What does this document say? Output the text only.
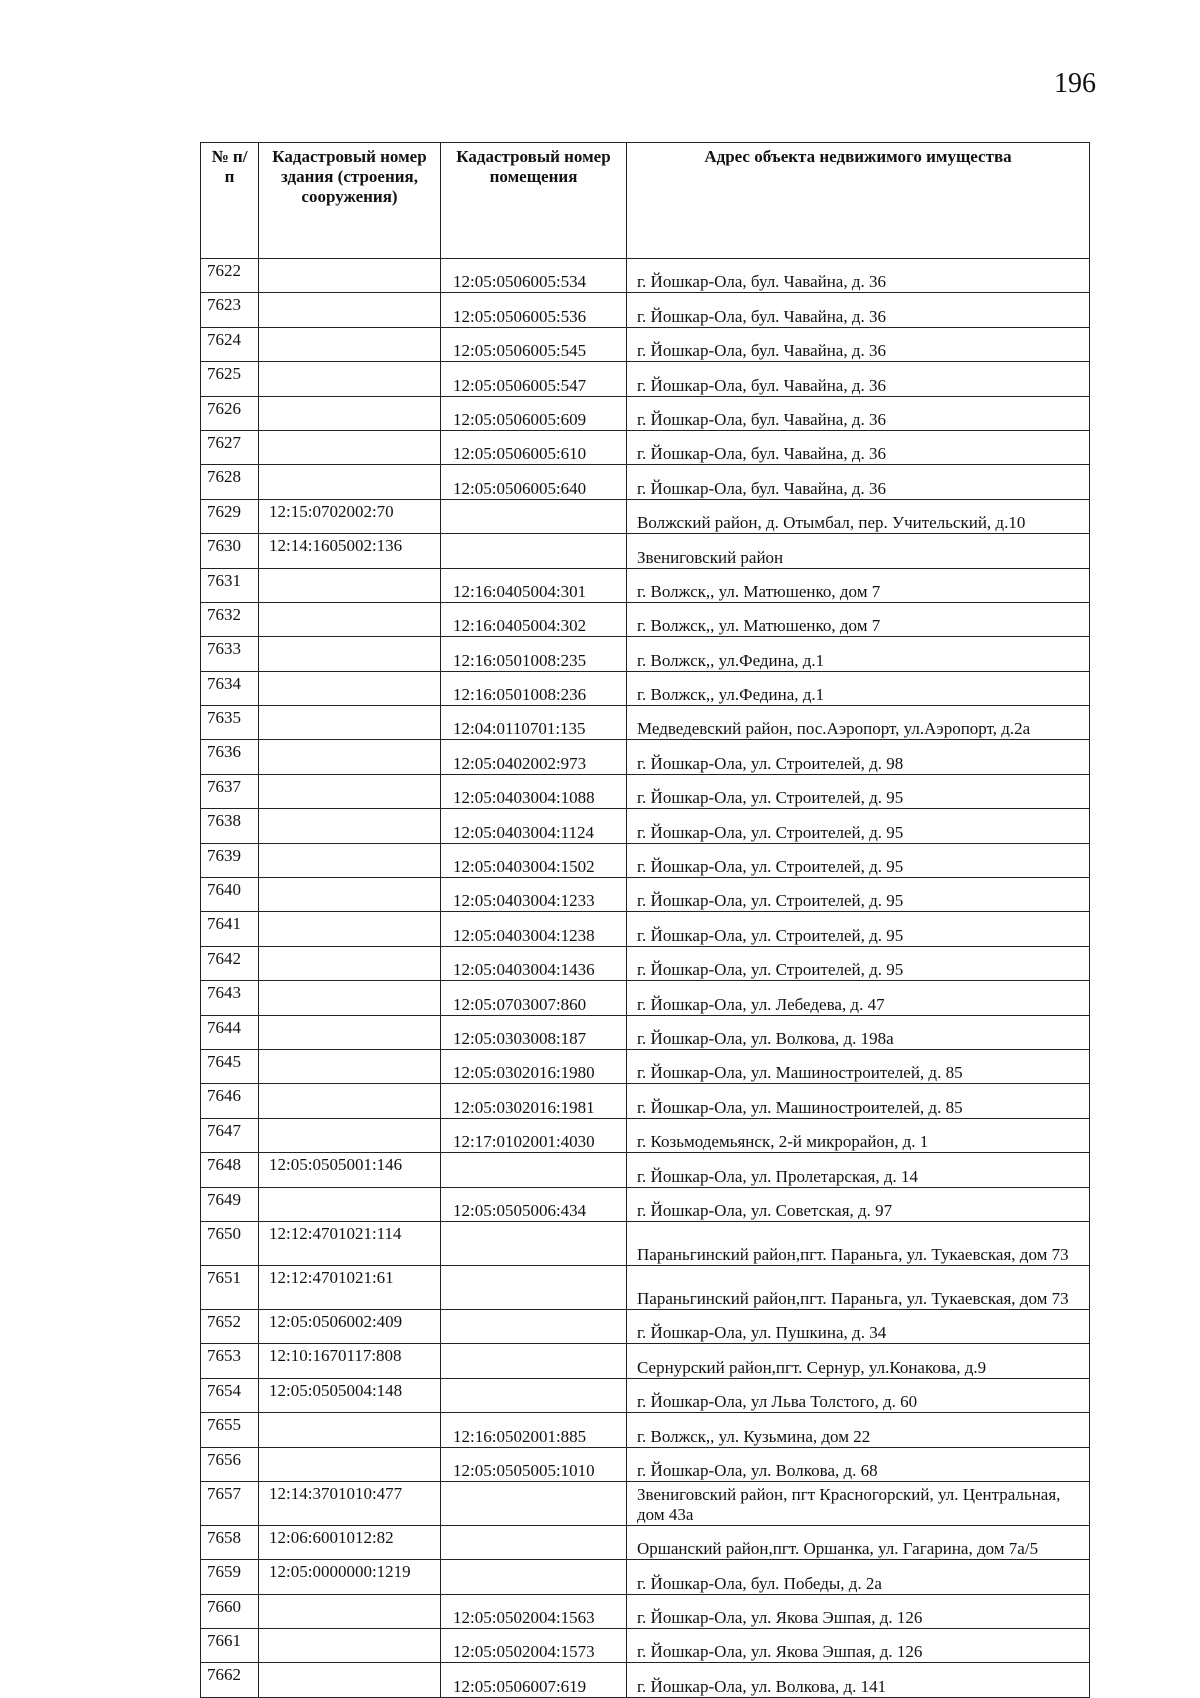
196
№ п/п	Кадастровый номер здания (строения, сооружения)	Кадастровый номер помещения	Адрес объекта недвижимого имущества
7622		12:05:0506005:534	г. Йошкар-Ола, бул. Чавайна, д. 36
7623		12:05:0506005:536	г. Йошкар-Ола, бул. Чавайна, д. 36
7624		12:05:0506005:545	г. Йошкар-Ола, бул. Чавайна, д. 36
7625		12:05:0506005:547	г. Йошкар-Ола, бул. Чавайна, д. 36
7626		12:05:0506005:609	г. Йошкар-Ола, бул. Чавайна, д. 36
7627		12:05:0506005:610	г. Йошкар-Ола, бул. Чавайна, д. 36
7628		12:05:0506005:640	г. Йошкар-Ола, бул. Чавайна, д. 36
7629	12:15:0702002:70		Волжский район, д. Отымбал, пер. Учительский, д.10
7630	12:14:1605002:136		Звениговский район
7631		12:16:0405004:301	г. Волжск,, ул. Матюшенко, дом 7
7632		12:16:0405004:302	г. Волжск,, ул. Матюшенко, дом 7
7633		12:16:0501008:235	г. Волжск,, ул.Федина, д.1
7634		12:16:0501008:236	г. Волжск,, ул.Федина, д.1
7635		12:04:0110701:135	Медведевский район, пос.Аэропорт, ул.Аэропорт, д.2а
7636		12:05:0402002:973	г. Йошкар-Ола, ул. Строителей, д. 98
7637		12:05:0403004:1088	г. Йошкар-Ола, ул. Строителей, д. 95
7638		12:05:0403004:1124	г. Йошкар-Ола, ул. Строителей, д. 95
7639		12:05:0403004:1502	г. Йошкар-Ола, ул. Строителей, д. 95
7640		12:05:0403004:1233	г. Йошкар-Ола, ул. Строителей, д. 95
7641		12:05:0403004:1238	г. Йошкар-Ола, ул. Строителей, д. 95
7642		12:05:0403004:1436	г. Йошкар-Ола, ул. Строителей, д. 95
7643		12:05:0703007:860	г. Йошкар-Ола, ул. Лебедева, д. 47
7644		12:05:0303008:187	г. Йошкар-Ола, ул. Волкова, д. 198а
7645		12:05:0302016:1980	г. Йошкар-Ола, ул. Машиностроителей, д. 85
7646		12:05:0302016:1981	г. Йошкар-Ола, ул. Машиностроителей, д. 85
7647		12:17:0102001:4030	г. Козьмодемьянск, 2-й микрорайон, д. 1
7648	12:05:0505001:146		г. Йошкар-Ола, ул. Пролетарская, д. 14
7649		12:05:0505006:434	г. Йошкар-Ола, ул. Советская, д. 97
7650	12:12:4701021:114		Параньгинский район,пгт. Параньга, ул. Тукаевская, дом 73
7651	12:12:4701021:61		Параньгинский район,пгт. Параньга, ул. Тукаевская, дом 73
7652	12:05:0506002:409		г. Йошкар-Ола, ул. Пушкина, д. 34
7653	12:10:1670117:808		Сернурский район,пгт. Сернур, ул.Конакова, д.9
7654	12:05:0505004:148		г. Йошкар-Ола, ул Льва Толстого, д. 60
7655		12:16:0502001:885	г. Волжск,, ул. Кузьмина, дом 22
7656		12:05:0505005:1010	г. Йошкар-Ола, ул. Волкова, д. 68
7657	12:14:3701010:477		Звениговский район, пгт Красногорский, ул. Центральная, дом 43а
7658	12:06:6001012:82		Оршанский район,пгт. Оршанка, ул. Гагарина, дом 7а/5
7659	12:05:0000000:1219		г. Йошкар-Ола, бул. Победы, д. 2а
7660		12:05:0502004:1563	г. Йошкар-Ола, ул. Якова Эшпая, д. 126
7661		12:05:0502004:1573	г. Йошкар-Ола, ул. Якова Эшпая, д. 126
7662		12:05:0506007:619	г. Йошкар-Ола, ул. Волкова, д. 141
